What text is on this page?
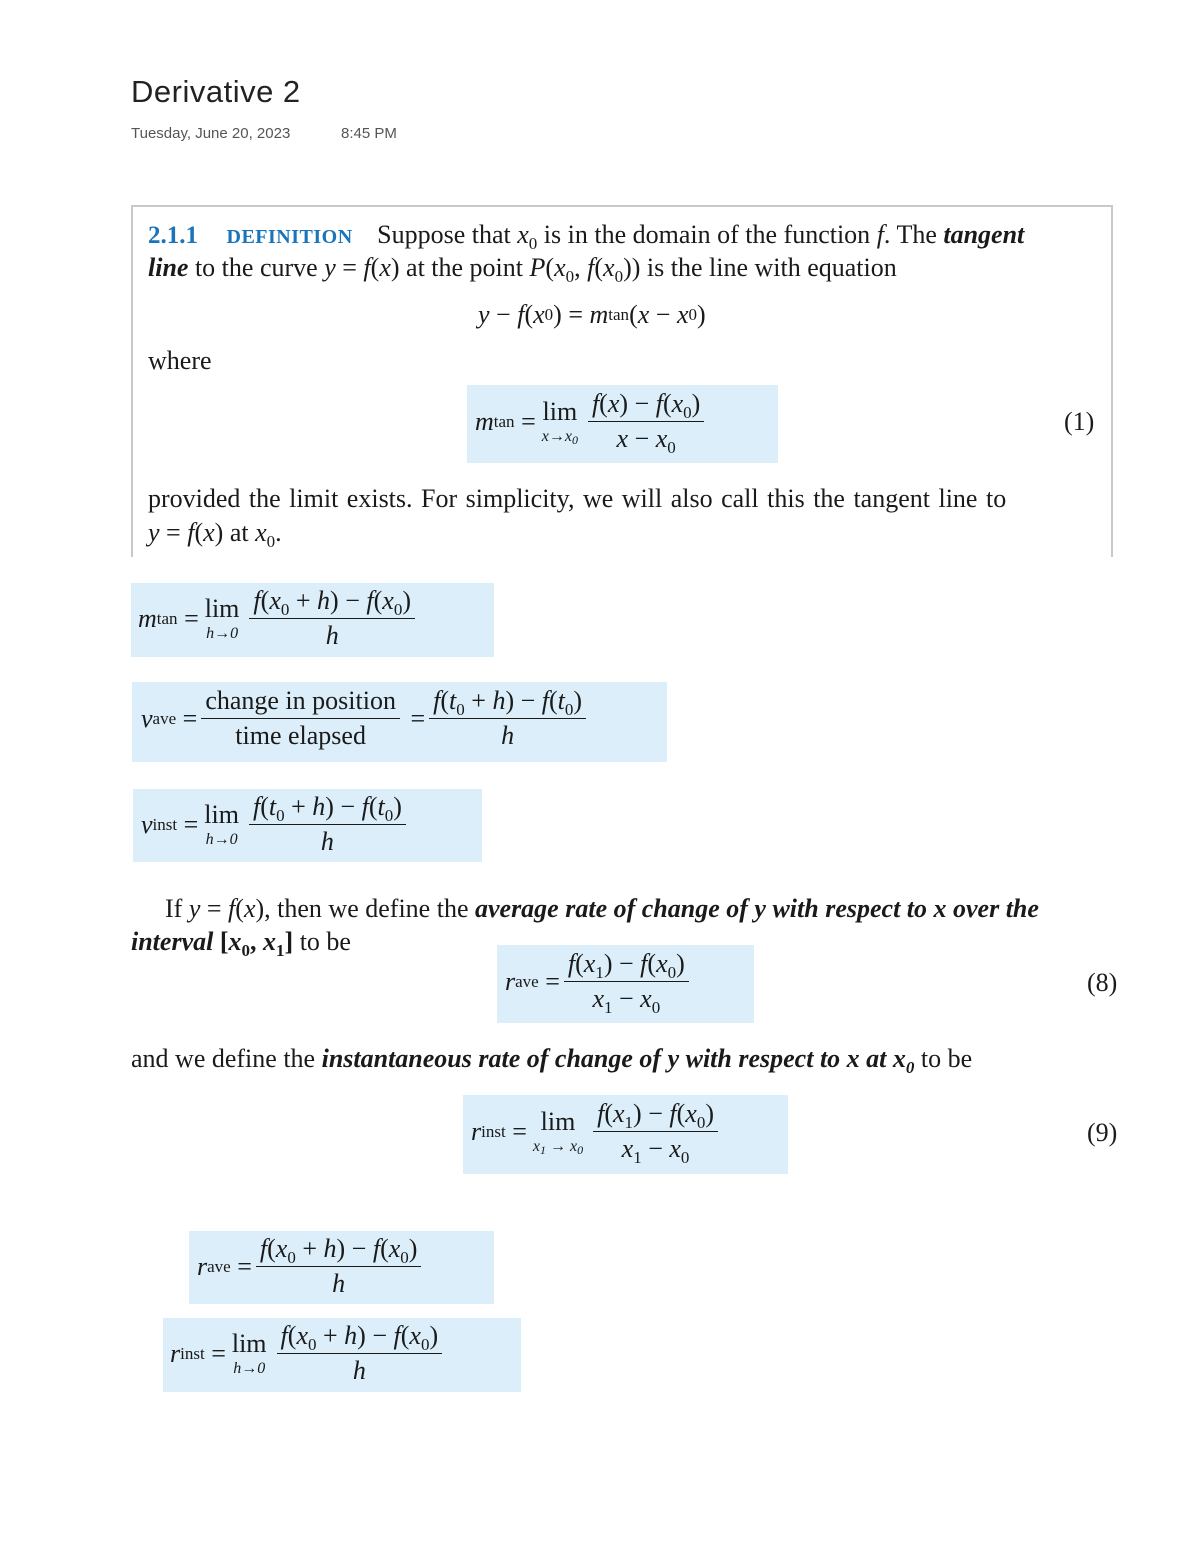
Derivative 2
Tuesday, June 20, 2023	8:45 PM
2.1.1 DEFINITION Suppose that $x_0$ is in the domain of the function f. The tangent
line to the curve y = f(x) at the point $P(x_0$, $f(x_0)$) is the line with equation
y − f ( x 0 ) = m tan ( x − x 0 )
where
m tan = lim
$x\to x_0 \frac{f(x) - f(x_0)}{x - x_0}$	(1)
provided the limit exists. For simplicity, we will also call this the tangent line to
y = f(x) at $x_0$.
m tan = lim
$h\to 0 \frac{f(x_0 + h) - f(x_0)}{h}$
v ave = $\frac{\text{change in position}}{\text{time elapsed}} = \frac{f(t_0 + h) - f(t_0)}{h}$
v inst = lim
$h\to 0 \frac{f(t_0 + h) - f(t_0)}{h}$
If y = f(x), then we define the average rate of change of y with respect to x over the
interval [$x_0$, $x_1$] to be
r ave = $\frac{f(x_1) - f(x_0)}{x_1 - x_0}$	(8)
and we define the instantaneous rate of change of y with respect to x at $x_0$ to be
r inst = lim
$x_1 \to x_0 \frac{f(x_1) - f(x_0)}{x_1 - x_0}$	(9)
r ave = $\frac{f(x_0 + h) - f(x_0)}{h}$
r inst = lim
$h\to 0 \frac{f(x_0 + h) - f(x_0)}{h}$
